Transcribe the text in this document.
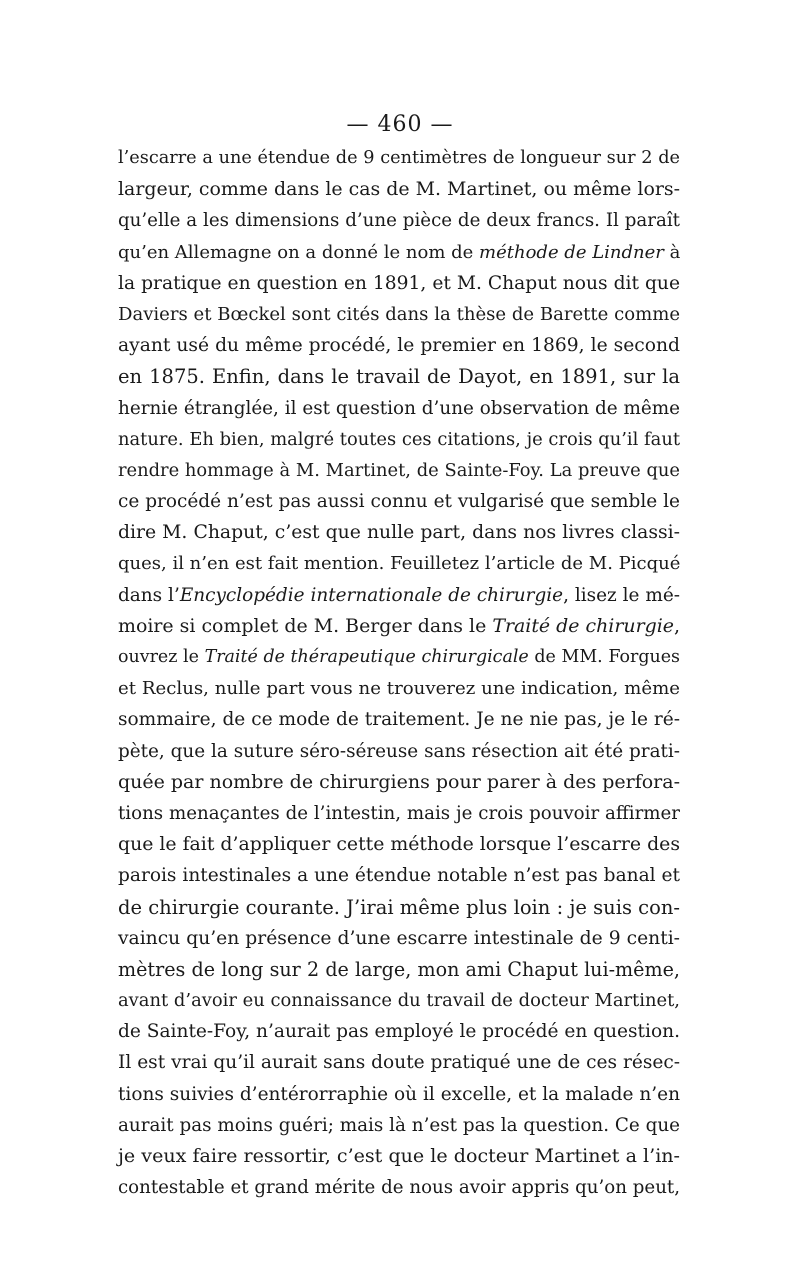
— 460 —
l’escarre a une étendue de 9 centimètres de longueur sur 2 de
largeur, comme dans le cas de M. Martinet, ou même lors-
qu’elle a les dimensions d’une pièce de deux francs. Il paraît
qu’en Allemagne on a donné le nom de méthode de Lindner à
la pratique en question en 1891, et M. Chaput nous dit que
Daviers et Bœckel sont cités dans la thèse de Barette comme
ayant usé du même procédé, le premier en 1869, le second
en 1875. Enfin, dans le travail de Dayot, en 1891, sur la
hernie étranglée, il est question d’une observation de même
nature. Eh bien, malgré toutes ces citations, je crois qu’il faut
rendre hommage à M. Martinet, de Sainte-Foy. La preuve que
ce procédé n’est pas aussi connu et vulgarisé que semble le
dire M. Chaput, c’est que nulle part, dans nos livres classi-
ques, il n’en est fait mention. Feuilletez l’article de M. Picqué
dans l’Encyclopédie internationale de chirurgie, lisez le mé-
moire si complet de M. Berger dans le Traité de chirurgie,
ouvrez le Traité de thérapeutique chirurgicale de MM. Forgues
et Reclus, nulle part vous ne trouverez une indication, même
sommaire, de ce mode de traitement. Je ne nie pas, je le ré-
pète, que la suture séro-séreuse sans résection ait été prati-
quée par nombre de chirurgiens pour parer à des perfora-
tions menaçantes de l’intestin, mais je crois pouvoir affirmer
que le fait d’appliquer cette méthode lorsque l’escarre des
parois intestinales a une étendue notable n’est pas banal et
de chirurgie courante. J’irai même plus loin : je suis con-
vaincu qu’en présence d’une escarre intestinale de 9 centi-
mètres de long sur 2 de large, mon ami Chaput lui-même,
avant d’avoir eu connaissance du travail de docteur Martinet,
de Sainte-Foy, n’aurait pas employé le procédé en question.
Il est vrai qu’il aurait sans doute pratiqué une de ces résec-
tions suivies d’entérorraphie où il excelle, et la malade n’en
aurait pas moins guéri; mais là n’est pas la question. Ce que
je veux faire ressortir, c’est que le docteur Martinet a l’in-
contestable et grand mérite de nous avoir appris qu’on peut,
